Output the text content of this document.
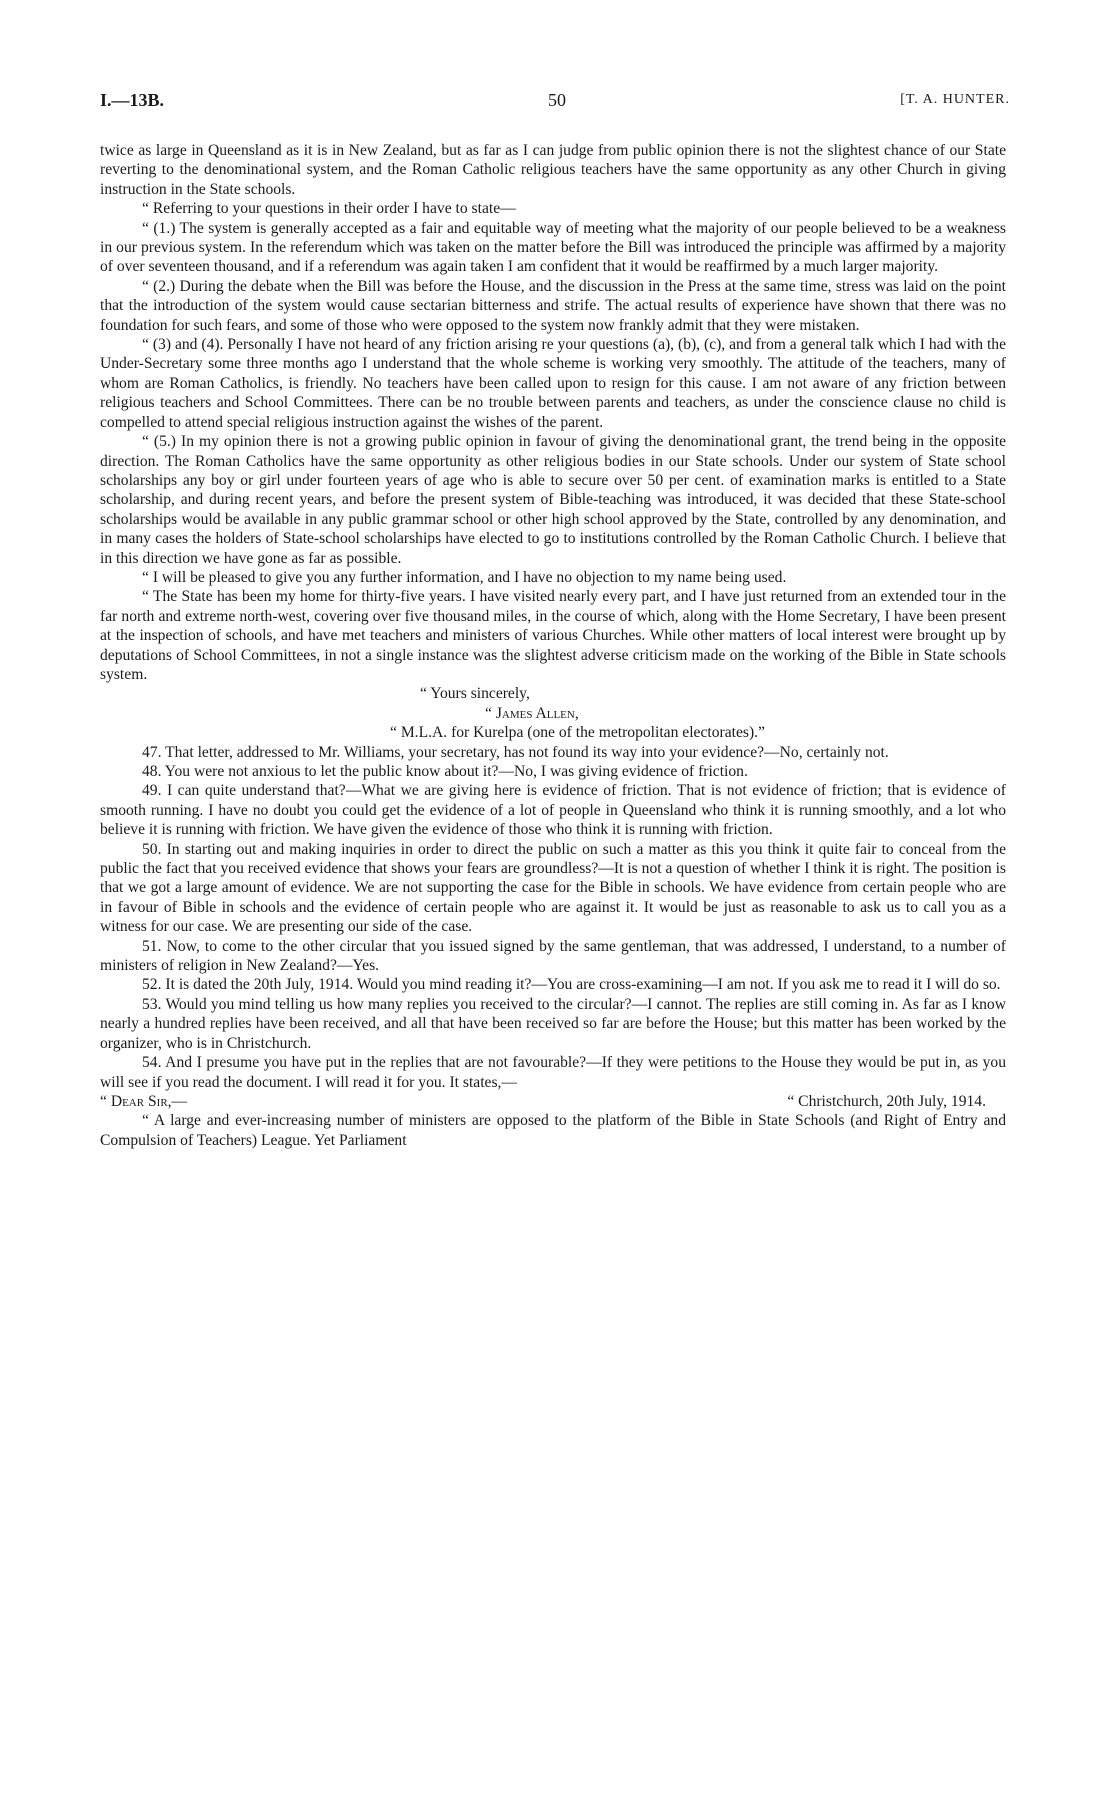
I.—13B.	50	[T. A. HUNTER.

twice as large in Queensland as it is in New Zealand, but as far as I can judge from public opinion there is not the slightest chance of our State reverting to the denominational system, and the Roman Catholic religious teachers have the same opportunity as any other Church in giving instruction in the State schools.

“ Referring to your questions in their order I have to state—

“ (1.) The system is generally accepted as a fair and equitable way of meeting what the majority of our people believed to be a weakness in our previous system. In the referendum which was taken on the matter before the Bill was introduced the principle was affirmed by a majority of over seventeen thousand, and if a referendum was again taken I am confident that it would be reaffirmed by a much larger majority.

“ (2.) During the debate when the Bill was before the House, and the discussion in the Press at the same time, stress was laid on the point that the introduction of the system would cause sectarian bitterness and strife. The actual results of experience have shown that there was no foundation for such fears, and some of those who were opposed to the system now frankly admit that they were mistaken.

“ (3) and (4). Personally I have not heard of any friction arising re your questions (a), (b), (c), and from a general talk which I had with the Under-Secretary some three months ago I understand that the whole scheme is working very smoothly. The attitude of the teachers, many of whom are Roman Catholics, is friendly. No teachers have been called upon to resign for this cause. I am not aware of any friction between religious teachers and School Committees. There can be no trouble between parents and teachers, as under the conscience clause no child is compelled to attend special religious instruction against the wishes of the parent.

“ (5.) In my opinion there is not a growing public opinion in favour of giving the denominational grant, the trend being in the opposite direction. The Roman Catholics have the same opportunity as other religious bodies in our State schools. Under our system of State school scholarships any boy or girl under fourteen years of age who is able to secure over 50 per cent. of examination marks is entitled to a State scholarship, and during recent years, and before the present system of Bible-teaching was introduced, it was decided that these State-school scholarships would be available in any public grammar school or other high school approved by the State, controlled by any denomination, and in many cases the holders of State-school scholarships have elected to go to institutions controlled by the Roman Catholic Church. I believe that in this direction we have gone as far as possible.

“ I will be pleased to give you any further information, and I have no objection to my name being used.

“ The State has been my home for thirty-five years. I have visited nearly every part, and I have just returned from an extended tour in the far north and extreme north-west, covering over five thousand miles, in the course of which, along with the Home Secretary, I have been present at the inspection of schools, and have met teachers and ministers of various Churches. While other matters of local interest were brought up by deputations of School Committees, in not a single instance was the slightest adverse criticism made on the working of the Bible in State schools system.

“ Yours sincerely,

“ James Allen,

“ M.L.A. for Kurelpa (one of the metropolitan electorates).”

47. That letter, addressed to Mr. Williams, your secretary, has not found its way into your evidence?—No, certainly not.

48. You were not anxious to let the public know about it?—No, I was giving evidence of friction.

49. I can quite understand that?—What we are giving here is evidence of friction. That is not evidence of friction; that is evidence of smooth running. I have no doubt you could get the evidence of a lot of people in Queensland who think it is running smoothly, and a lot who believe it is running with friction. We have given the evidence of those who think it is running with friction.

50. In starting out and making inquiries in order to direct the public on such a matter as this you think it quite fair to conceal from the public the fact that you received evidence that shows your fears are groundless?—It is not a question of whether I think it is right. The position is that we got a large amount of evidence. We are not supporting the case for the Bible in schools. We have evidence from certain people who are in favour of Bible in schools and the evidence of certain people who are against it. It would be just as reasonable to ask us to call you as a witness for our case. We are presenting our side of the case.

51. Now, to come to the other circular that you issued signed by the same gentleman, that was addressed, I understand, to a number of ministers of religion in New Zealand?—Yes.

52. It is dated the 20th July, 1914. Would you mind reading it?—You are cross-examining—I am not. If you ask me to read it I will do so.

53. Would you mind telling us how many replies you received to the circular?—I cannot. The replies are still coming in. As far as I know nearly a hundred replies have been received, and all that have been received so far are before the House; but this matter has been worked by the organizer, who is in Christchurch.

54. And I presume you have put in the replies that are not favourable?—If they were petitions to the House they would be put in, as you will see if you read the document. I will read it for you. It states,—

“ Dear Sir,—	“ Christchurch, 20th July, 1914.

“ A large and ever-increasing number of ministers are opposed to the platform of the Bible in State Schools (and Right of Entry and Compulsion of Teachers) League. Yet Parliament
